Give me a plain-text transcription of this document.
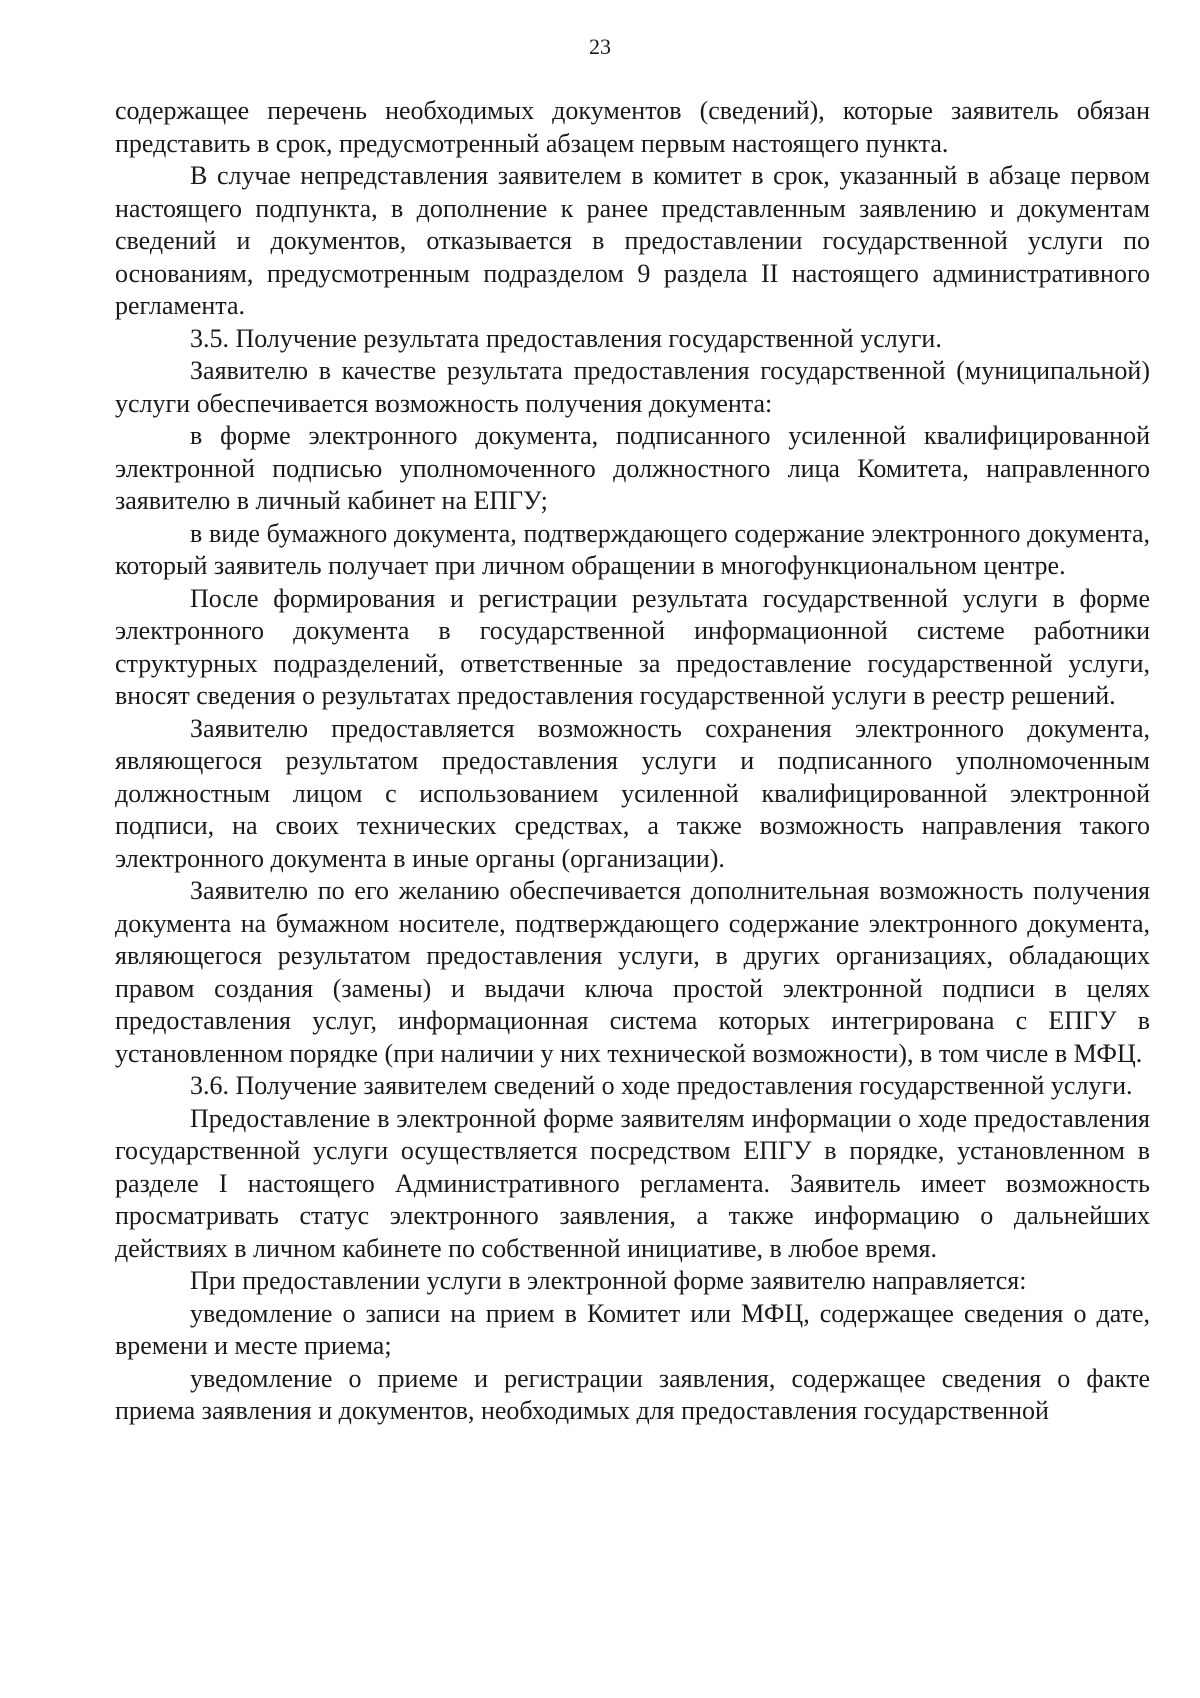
23

содержащее перечень необходимых документов (сведений), которые заявитель обязан представить в срок, предусмотренный абзацем первым настоящего пункта.

В случае непредставления заявителем в комитет в срок, указанный в абзаце первом настоящего подпункта, в дополнение к ранее представленным заявлению и документам сведений и документов, отказывается в предоставлении государственной услуги по основаниям, предусмотренным подразделом 9 раздела II настоящего административного регламента.

3.5. Получение результата предоставления государственной услуги.

Заявителю в качестве результата предоставления государственной (муниципальной) услуги обеспечивается возможность получения документа:

в форме электронного документа, подписанного усиленной квалифицированной электронной подписью уполномоченного должностного лица Комитета, направленного заявителю в личный кабинет на ЕПГУ;

в виде бумажного документа, подтверждающего содержание электронного документа, который заявитель получает при личном обращении в многофункциональном центре.

После формирования и регистрации результата государственной услуги в форме электронного документа в государственной информационной системе работники структурных подразделений, ответственные за предоставление государственной услуги, вносят сведения о результатах предоставления государственной услуги в реестр решений.

Заявителю предоставляется возможность сохранения электронного документа, являющегося результатом предоставления услуги и подписанного уполномоченным должностным лицом с использованием усиленной квалифицированной электронной подписи, на своих технических средствах, а также возможность направления такого электронного документа в иные органы (организации).

Заявителю по его желанию обеспечивается дополнительная возможность получения документа на бумажном носителе, подтверждающего содержание электронного документа, являющегося результатом предоставления услуги, в других организациях, обладающих правом создания (замены) и выдачи ключа простой электронной подписи в целях предоставления услуг, информационная система которых интегрирована с ЕПГУ в установленном порядке (при наличии у них технической возможности), в том числе в МФЦ.

3.6. Получение заявителем сведений о ходе предоставления государственной услуги.

Предоставление в электронной форме заявителям информации о ходе предоставления государственной услуги осуществляется посредством ЕПГУ в порядке, установленном в разделе I настоящего Административного регламента. Заявитель имеет возможность просматривать статус электронного заявления, а также информацию о дальнейших действиях в личном кабинете по собственной инициативе, в любое время.

При предоставлении услуги в электронной форме заявителю направляется:

уведомление о записи на прием в Комитет или МФЦ, содержащее сведения о дате, времени и месте приема;

уведомление о приеме и регистрации заявления, содержащее сведения о факте приема заявления и документов, необходимых для предоставления государственной
